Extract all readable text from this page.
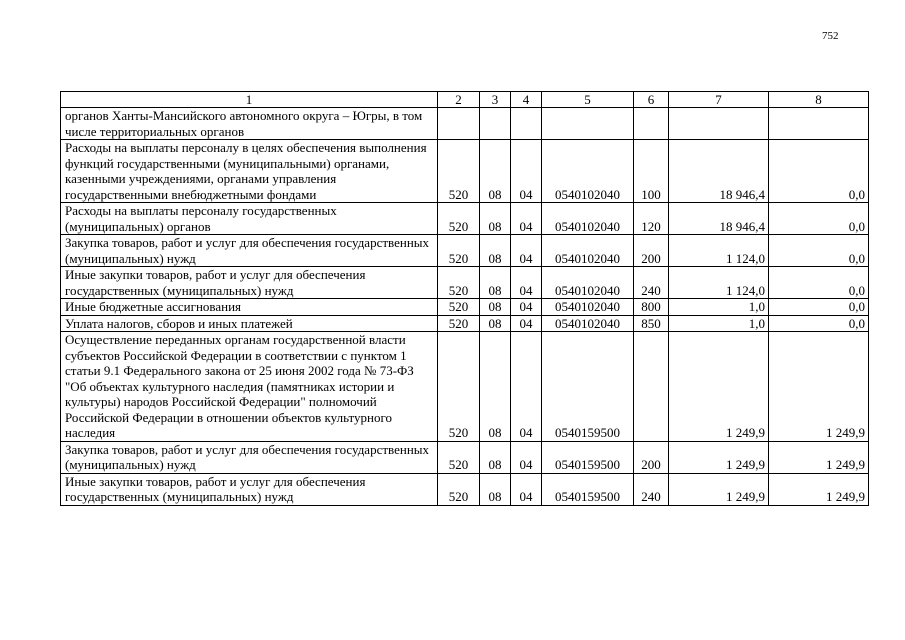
752
1	2	3	4	5	6	7	8
органов Ханты-Мансийского автономного округа – Югры, в том числе территориальных органов							
Расходы на выплаты персоналу в целях обеспечения выполнения функций государственными (муниципальными) органами, казенными учреждениями, органами управления государственными внебюджетными фондами	520	08	04	0540102040	100	18 946,4	0,0
Расходы на выплаты персоналу государственных (муниципальных) органов	520	08	04	0540102040	120	18 946,4	0,0
Закупка товаров, работ и услуг для обеспечения государственных (муниципальных) нужд	520	08	04	0540102040	200	1 124,0	0,0
Иные закупки товаров, работ и услуг для обеспечения государственных (муниципальных) нужд	520	08	04	0540102040	240	1 124,0	0,0
Иные бюджетные ассигнования	520	08	04	0540102040	800	1,0	0,0
Уплата налогов, сборов и иных платежей	520	08	04	0540102040	850	1,0	0,0
Осуществление переданных органам государственной власти субъектов Российской Федерации в соответствии с пунктом 1 статьи 9.1 Федерального закона от 25 июня 2002 года № 73-ФЗ "Об объектах культурного наследия (памятниках истории и культуры) народов Российской Федерации" полномочий Российской Федерации в отношении объектов культурного наследия	520	08	04	0540159500		1 249,9	1 249,9
Закупка товаров, работ и услуг для обеспечения государственных (муниципальных) нужд	520	08	04	0540159500	200	1 249,9	1 249,9
Иные закупки товаров, работ и услуг для обеспечения государственных (муниципальных) нужд	520	08	04	0540159500	240	1 249,9	1 249,9
